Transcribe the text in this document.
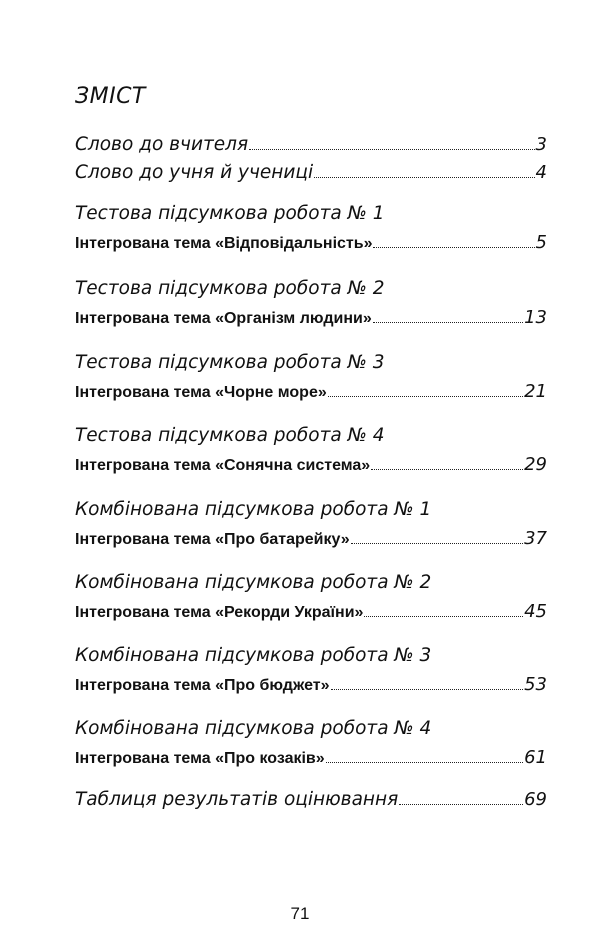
ЗМІСТ
Слово до вчителя	3
Слово до учня й учениці	4
Тестова підсумкова робота № 1
Інтегрована тема «Відповідальність»	5
Тестова підсумкова робота № 2
Інтегрована тема «Організм людини»	13
Тестова підсумкова робота № 3
Інтегрована тема «Чорне море»	21
Тестова підсумкова робота № 4
Інтегрована тема «Сонячна система»	29
Комбінована підсумкова робота № 1
Інтегрована тема «Про батарейку»	37
Комбінована підсумкова робота № 2
Інтегрована тема «Рекорди України»	45
Комбінована підсумкова робота № 3
Інтегрована тема «Про бюджет»	53
Комбінована підсумкова робота № 4
Інтегрована тема «Про козаків»	61
Таблиця результатів оцінювання	69
71
